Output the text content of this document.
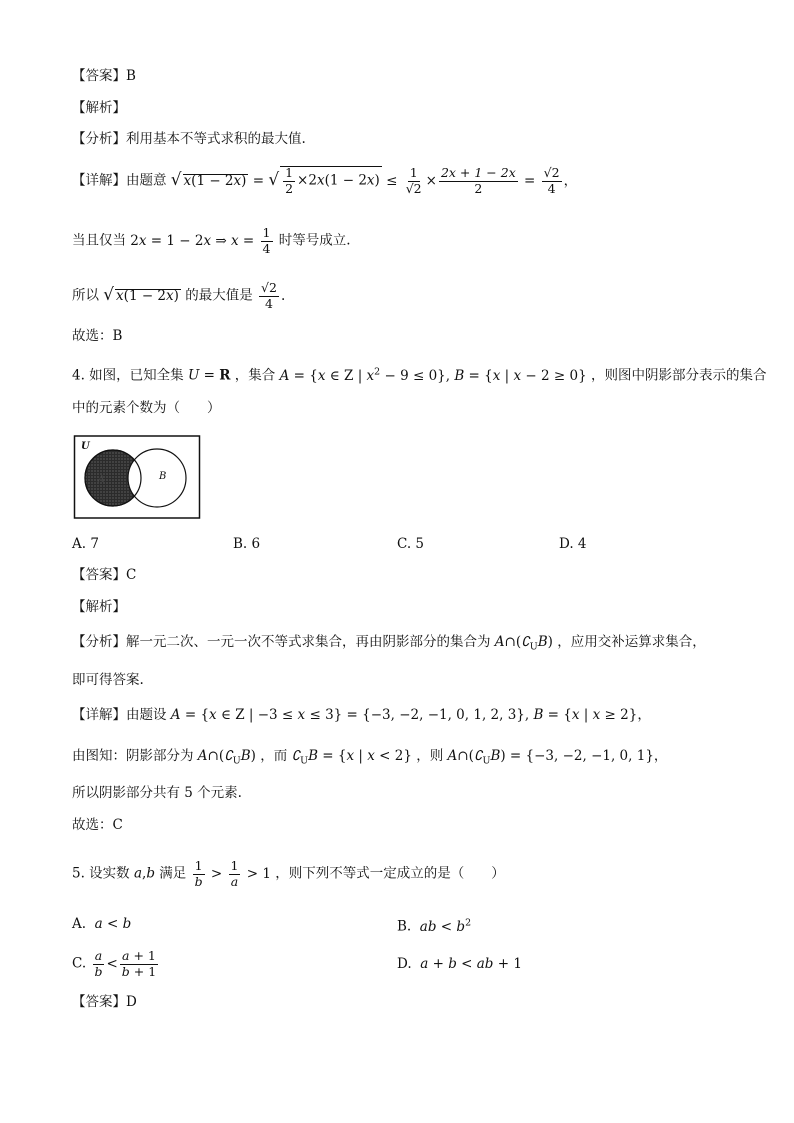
【答案】B
【解析】
【分析】利用基本不等式求积的最大值.
【详解】由题意 √ x(1 − 2x) = √ $\frac{1}{2} \times 2x(1 - 2x) \le \frac{1}{√2} \times \frac{2x + 1 - 2x}{2} = \frac{√2}{4}$ ，
当且仅当 2x = 1 − 2x ⇒ $x = \frac{1}{4}$ 时等号成立.
所以 √ x(1 − 2x) 的最大值是 $\frac{√2}{4}$ .
故选：B
4. 如图，已知全集 U = R ，集合 A = {x ∈ Z | $x^2 - 9 \le 0$}, B = {x | x − 2 ≥ 0} ，则图中阴影部分表示的集合
中的元素个数为（　　）
U
A	B
A. 7	B. 6	C. 5	D. 4
【答案】C
【解析】
【分析】解一元二次、一元一次不等式求集合，再由阴影部分的集合为 $A\cap(∁_UB)$ ，应用交补运算求集合，
即可得答案.
【详解】由题设 A = {x ∈ Z | −3 ≤ x ≤ 3} = {−3, −2, −1, 0, 1, 2, 3}, B = {x | x ≥ 2}，
由图知：阴影部分为 $A\cap(∁_UB)$ ，而 $∁_UB = \{x$ | x < 2} ，则 $A\cap(∁_UB) = \{-3$, −2, −1, 0, 1}，
所以阴影部分共有 5 个元素.
故选：C
5. 设实数 a,b 满足 $\frac{1}{b} > \frac{1}{a} > 1$ ，则下列不等式一定成立的是（　　）
A.  a < b	B.  ab < $b^2$
C. $\frac{a}{b} < \frac{a + 1}{b + 1}$	D.  a + b < ab + 1
【答案】D
